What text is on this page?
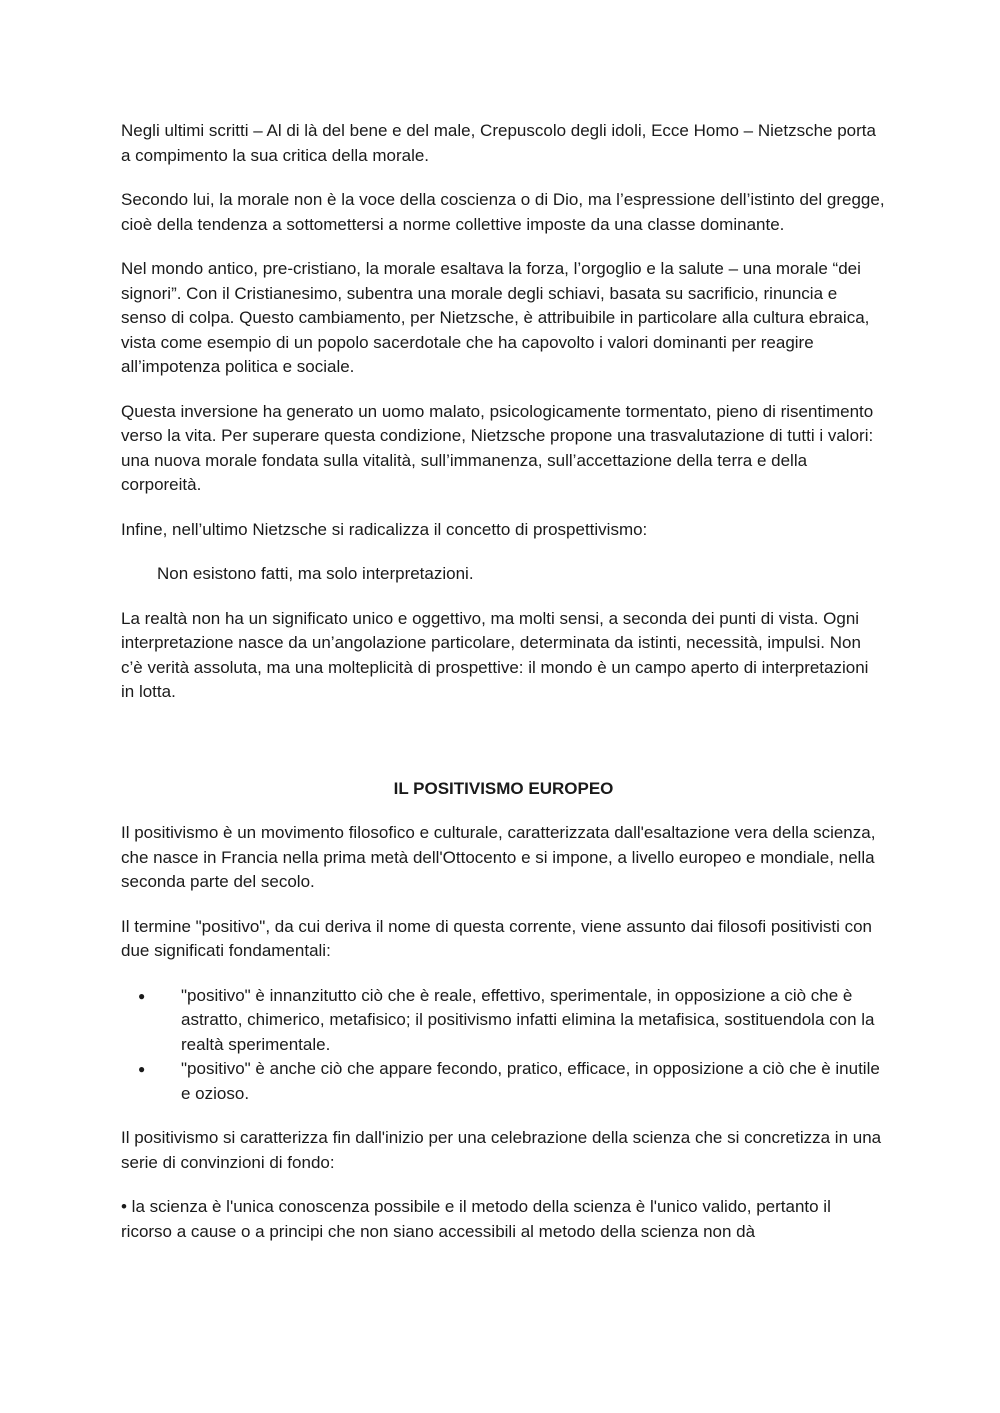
Negli ultimi scritti – Al di là del bene e del male, Crepuscolo degli idoli, Ecce Homo – Nietzsche porta a compimento la sua critica della morale.

Secondo lui, la morale non è la voce della coscienza o di Dio, ma l’espressione dell’istinto del gregge, cioè della tendenza a sottomettersi a norme collettive imposte da una classe dominante.

Nel mondo antico, pre-cristiano, la morale esaltava la forza, l’orgoglio e la salute – una morale “dei signori”. Con il Cristianesimo, subentra una morale degli schiavi, basata su sacrificio, rinuncia e senso di colpa. Questo cambiamento, per Nietzsche, è attribuibile in particolare alla cultura ebraica, vista come esempio di un popolo sacerdotale che ha capovolto i valori dominanti per reagire all’impotenza politica e sociale.

Questa inversione ha generato un uomo malato, psicologicamente tormentato, pieno di risentimento verso la vita. Per superare questa condizione, Nietzsche propone una trasvalutazione di tutti i valori: una nuova morale fondata sulla vitalità, sull’immanenza, sull’accettazione della terra e della corporeità.

Infine, nell’ultimo Nietzsche si radicalizza il concetto di prospettivismo:

Non esistono fatti, ma solo interpretazioni.

La realtà non ha un significato unico e oggettivo, ma molti sensi, a seconda dei punti di vista. Ogni interpretazione nasce da un’angolazione particolare, determinata da istinti, necessità, impulsi. Non c’è verità assoluta, ma una molteplicità di prospettive: il mondo è un campo aperto di interpretazioni in lotta.

IL POSITIVISMO EUROPEO

Il positivismo è un movimento filosofico e culturale, caratterizzata dall'esaltazione vera della scienza, che nasce in Francia nella prima metà dell'Ottocento e si impone, a livello europeo e mondiale, nella seconda parte del secolo.

Il termine "positivo", da cui deriva il nome di questa corrente, viene assunto dai filosofi positivisti con due significati fondamentali:

● "positivo" è innanzitutto ciò che è reale, effettivo, sperimentale, in opposizione a ciò che è astratto, chimerico, metafisico; il positivismo infatti elimina la metafisica, sostituendola con la realtà sperimentale.
● "positivo" è anche ciò che appare fecondo, pratico, efficace, in opposizione a ciò che è inutile e ozioso.

Il positivismo si caratterizza fin dall'inizio per una celebrazione della scienza che si concretizza in una serie di convinzioni di fondo:

• la scienza è l'unica conoscenza possibile e il metodo della scienza è l'unico valido, pertanto il ricorso a cause o a principi che non siano accessibili al metodo della scienza non dà
